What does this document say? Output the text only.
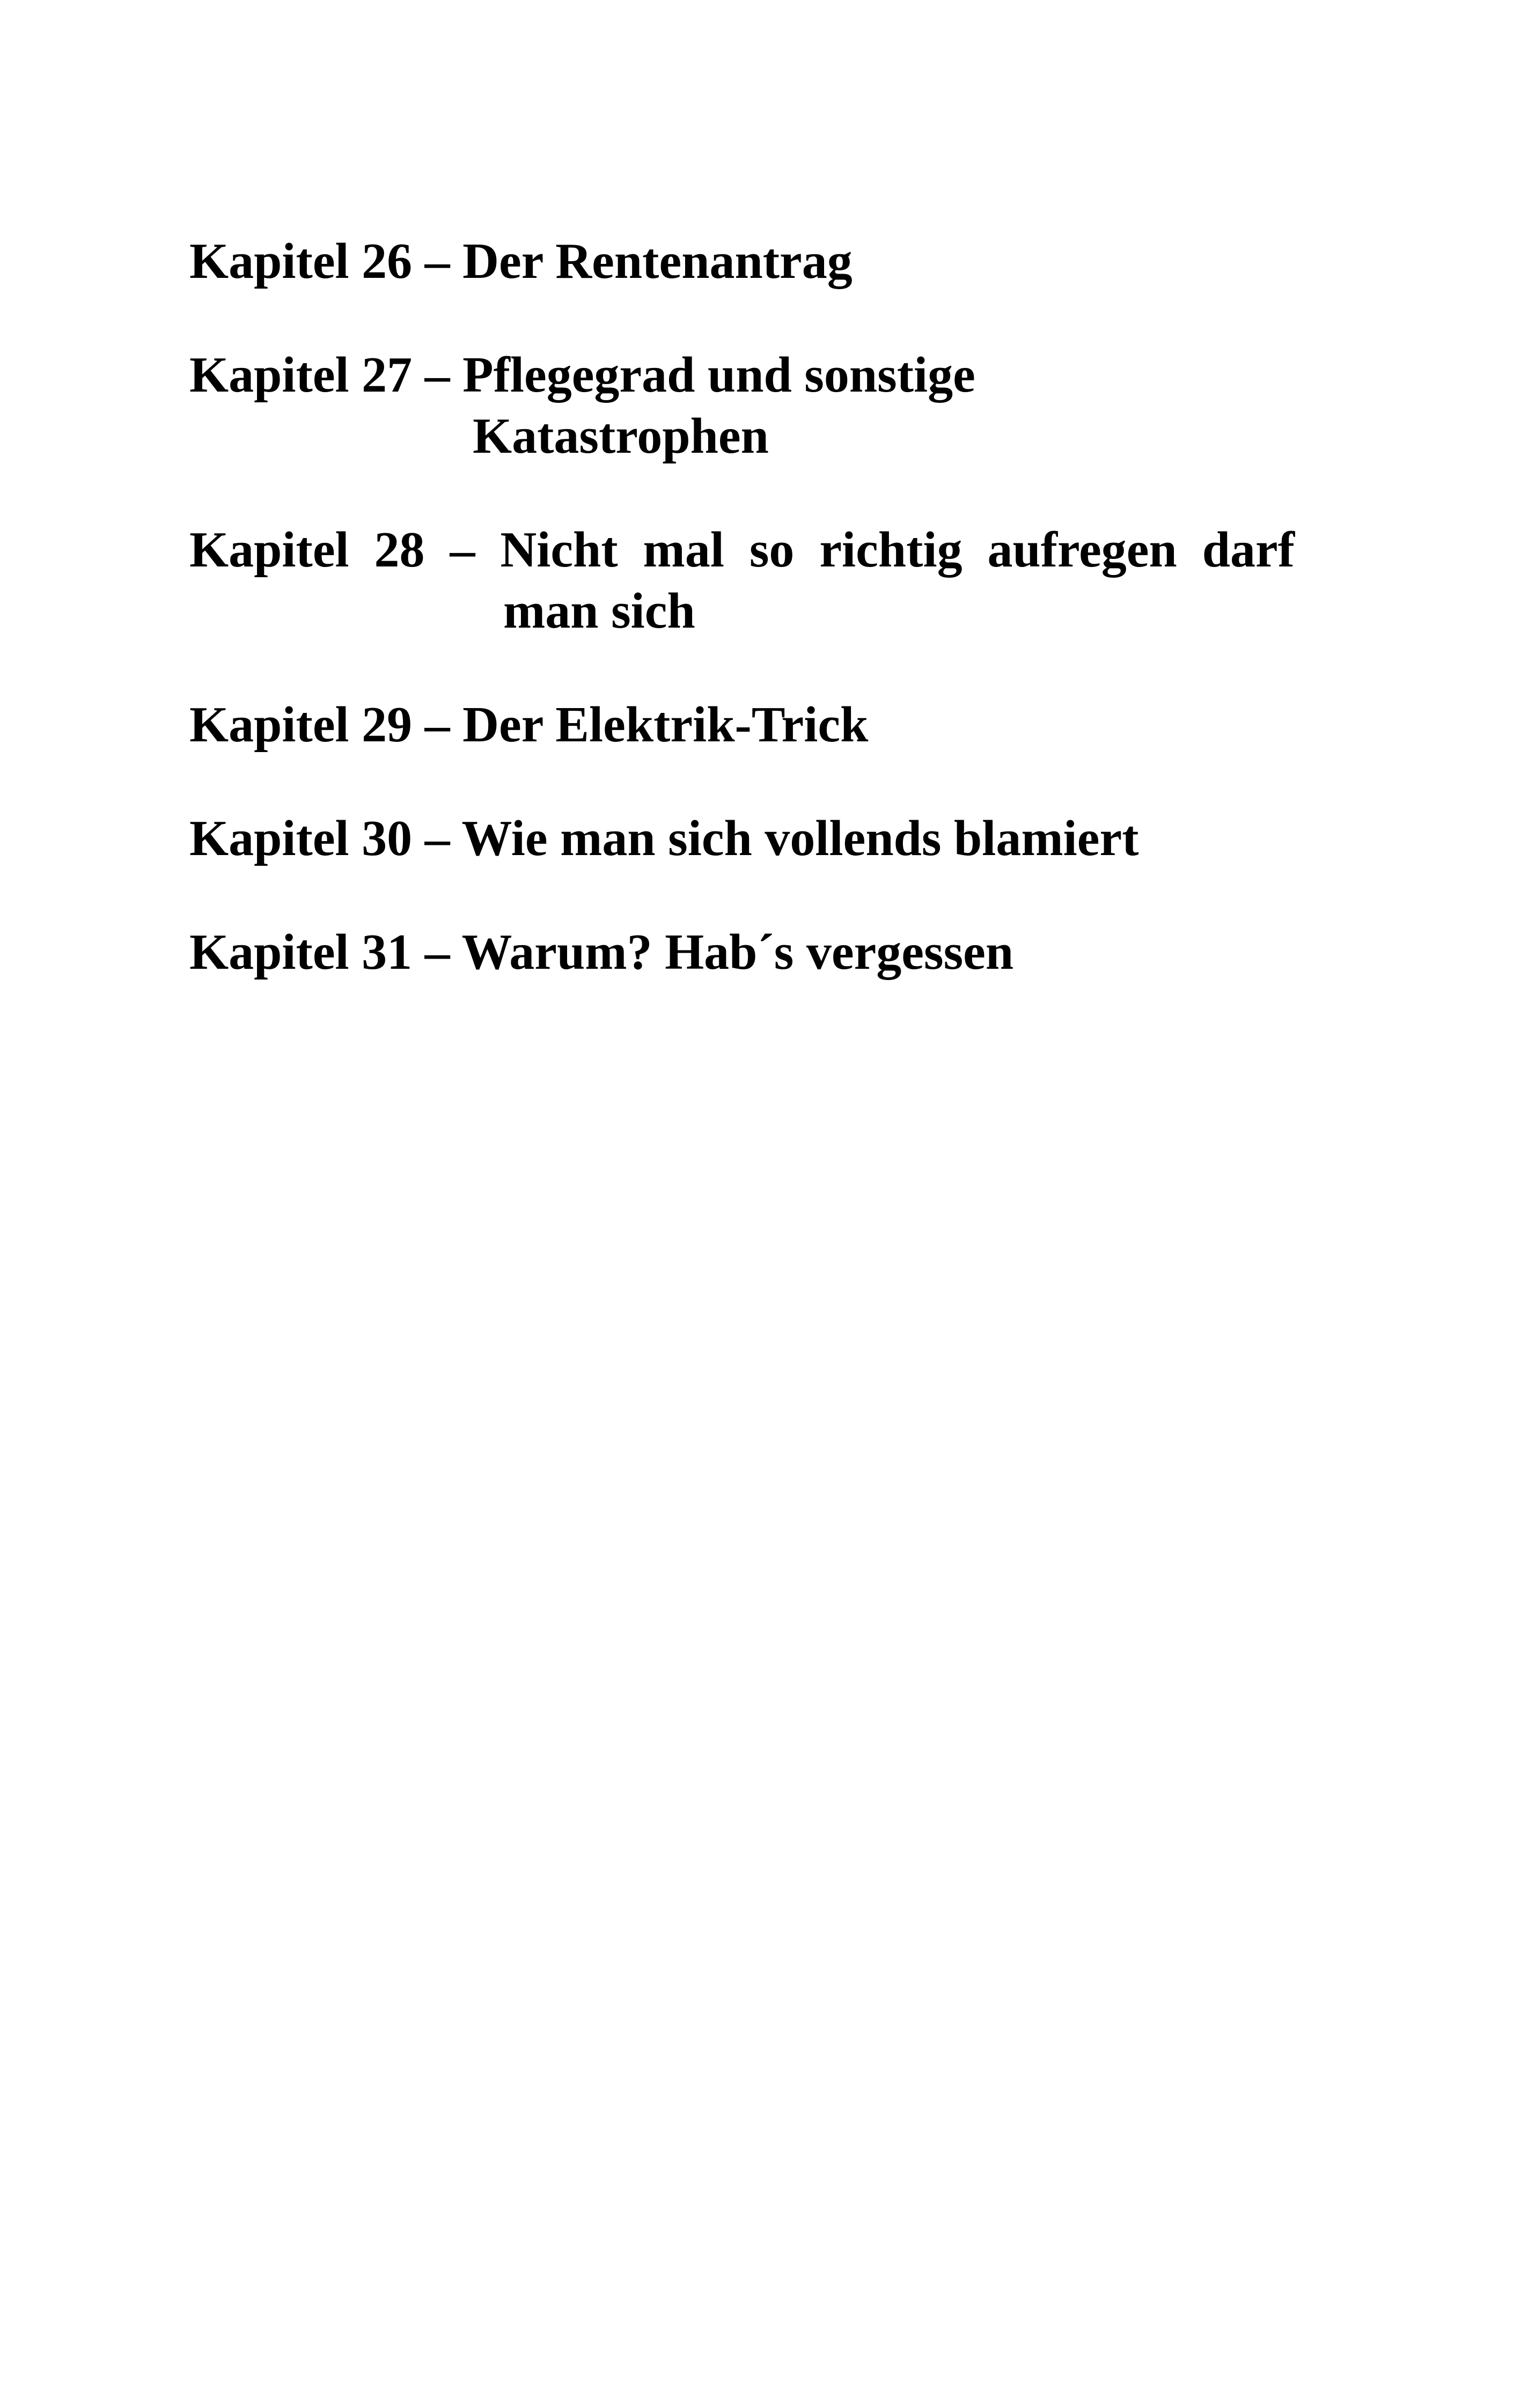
Kapitel 26 – Der Rentenantrag
Kapitel 27 – Pflegegrad und sonstige
Katastrophen
Kapitel 28 – Nicht mal so richtig aufregen darf
man sich
Kapitel 29 – Der Elektrik-Trick
Kapitel 30 – Wie man sich vollends blamiert
Kapitel 31 – Warum? Hab´s vergessen
